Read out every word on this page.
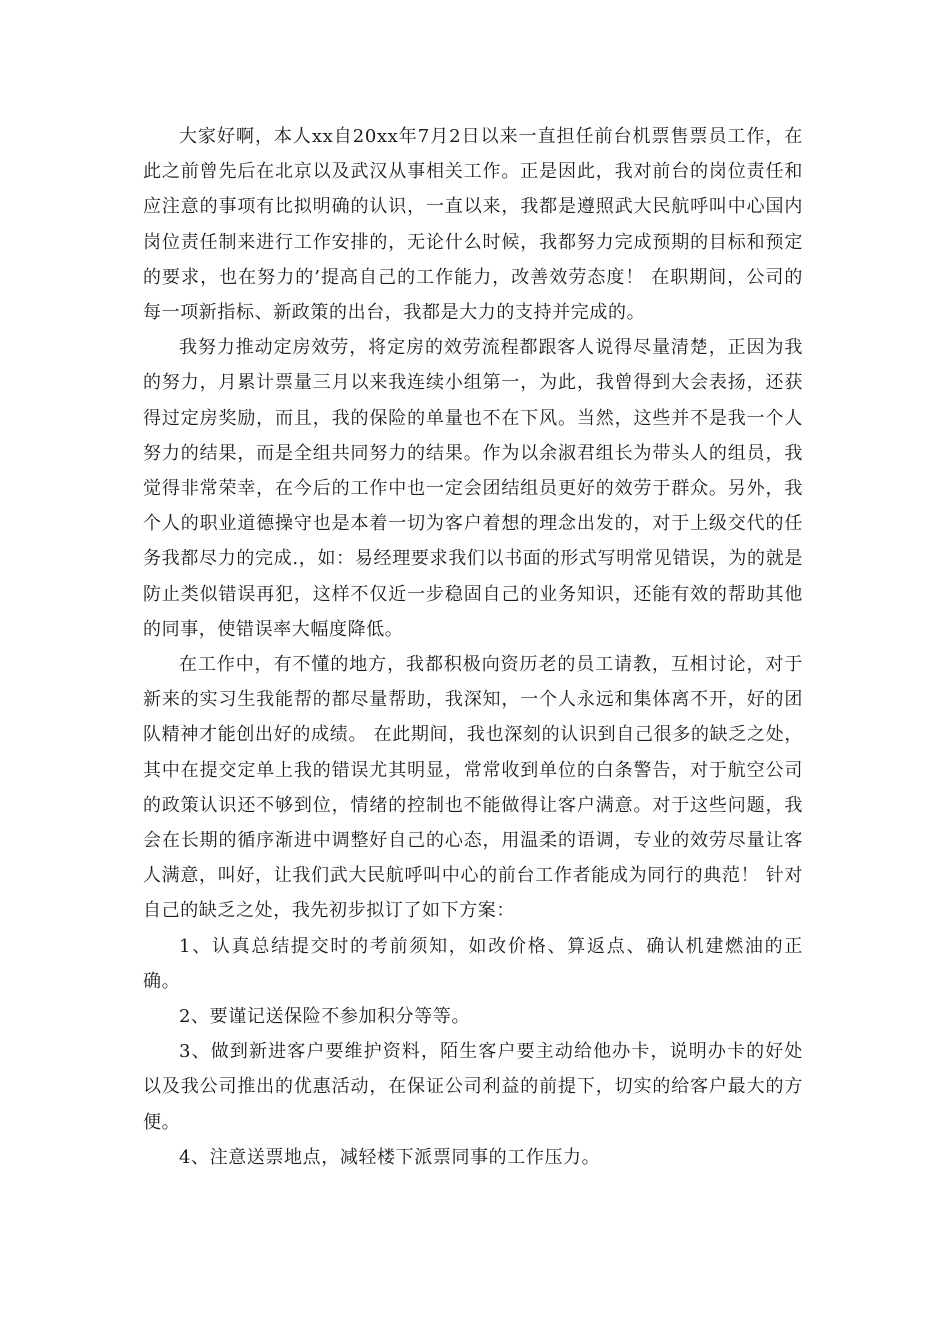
大家好啊，本人xx自20xx年7月2日以来一直担任前台机票售票员工作，在此之前曾先后在北京以及武汉从事相关工作。正是因此，我对前台的岗位责任和应注意的事项有比拟明确的认识，一直以来，我都是遵照武大民航呼叫中心国内岗位责任制来进行工作安排的，无论什么时候，我都努力完成预期的目标和预定的要求，也在努力的’提高自己的工作能力，改善效劳态度！ 在职期间，公司的每一项新指标、新政策的出台，我都是大力的支持并完成的。

我努力推动定房效劳，将定房的效劳流程都跟客人说得尽量清楚，正因为我的努力，月累计票量三月以来我连续小组第一，为此，我曾得到大会表扬，还获得过定房奖励，而且，我的保险的单量也不在下风。当然，这些并不是我一个人努力的结果，而是全组共同努力的结果。作为以余淑君组长为带头人的组员，我觉得非常荣幸，在今后的工作中也一定会团结组员更好的效劳于群众。另外，我个人的职业道德操守也是本着一切为客户着想的理念出发的，对于上级交代的任务我都尽力的完成.，如：易经理要求我们以书面的形式写明常见错误，为的就是防止类似错误再犯，这样不仅近一步稳固自己的业务知识，还能有效的帮助其他的同事，使错误率大幅度降低。

在工作中，有不懂的地方，我都积极向资历老的员工请教，互相讨论，对于新来的实习生我能帮的都尽量帮助，我深知，一个人永远和集体离不开，好的团队精神才能创出好的成绩。 在此期间，我也深刻的认识到自己很多的缺乏之处，其中在提交定单上我的错误尤其明显，常常收到单位的白条警告，对于航空公司的政策认识还不够到位，情绪的控制也不能做得让客户满意。对于这些问题，我会在长期的循序渐进中调整好自己的心态，用温柔的语调，专业的效劳尽量让客人满意，叫好，让我们武大民航呼叫中心的前台工作者能成为同行的典范！ 针对自己的缺乏之处，我先初步拟订了如下方案：

1、认真总结提交时的考前须知，如改价格、算返点、确认机建燃油的正确。

2、要谨记送保险不参加积分等等。

3、做到新进客户要维护资料，陌生客户要主动给他办卡，说明办卡的好处以及我公司推出的优惠活动，在保证公司利益的前提下，切实的给客户最大的方便。

4、注意送票地点，减轻楼下派票同事的工作压力。
